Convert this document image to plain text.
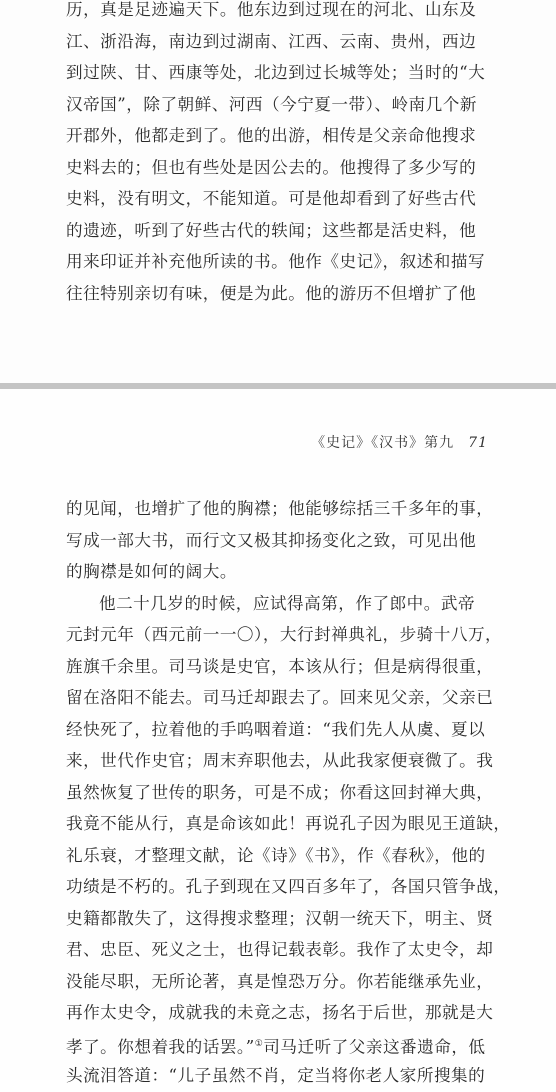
历，真是足迹遍天下。他东边到过现在的河北、山东及
江、浙沿海，南边到过湖南、江西、云南、贵州，西边
到过陕、甘、西康等处，北边到过长城等处；当时的“大
汉帝国”，除了朝鲜、河西（今宁夏一带）、岭南几个新
开郡外，他都走到了。他的出游，相传是父亲命他搜求
史料去的；但也有些处是因公去的。他搜得了多少写的
史料，没有明文，不能知道。可是他却看到了好些古代
的遗迹，听到了好些古代的轶闻；这些都是活史料，他
用来印证并补充他所读的书。他作《史记》，叙述和描写
往往特别亲切有味，便是为此。他的游历不但增扩了他
《史记》《汉书》第九 71
的见闻，也增扩了他的胸襟；他能够综括三千多年的事，
写成一部大书，而行文又极其抑扬变化之致，可见出他
的胸襟是如何的阔大。
他二十几岁的时候，应试得高第，作了郎中。武帝
元封元年（西元前一一〇），大行封禅典礼，步骑十八万，
旌旗千余里。司马谈是史官，本该从行；但是病得很重，
留在洛阳不能去。司马迁却跟去了。回来见父亲，父亲已
经快死了，拉着他的手呜咽着道：“我们先人从虞、夏以
来，世代作史官；周末弃职他去，从此我家便衰微了。我
虽然恢复了世传的职务，可是不成；你看这回封禅大典，
我竟不能从行，真是命该如此！再说孔子因为眼见王道缺，
礼乐衰，才整理文献，论《诗》《书》，作《春秋》，他的
功绩是不朽的。孔子到现在又四百多年了，各国只管争战，
史籍都散失了，这得搜求整理；汉朝一统天下，明主、贤
君、忠臣、死义之士，也得记载表彰。我作了太史令，却
没能尽职，无所论著，真是惶恐万分。你若能继承先业，
再作太史令，成就我的未竟之志，扬名于后世，那就是大
孝了。你想着我的话罢。”①司马迁听了父亲这番遗命，低
头流泪答道：“儿子虽然不肖，定当将你老人家所搜集的
